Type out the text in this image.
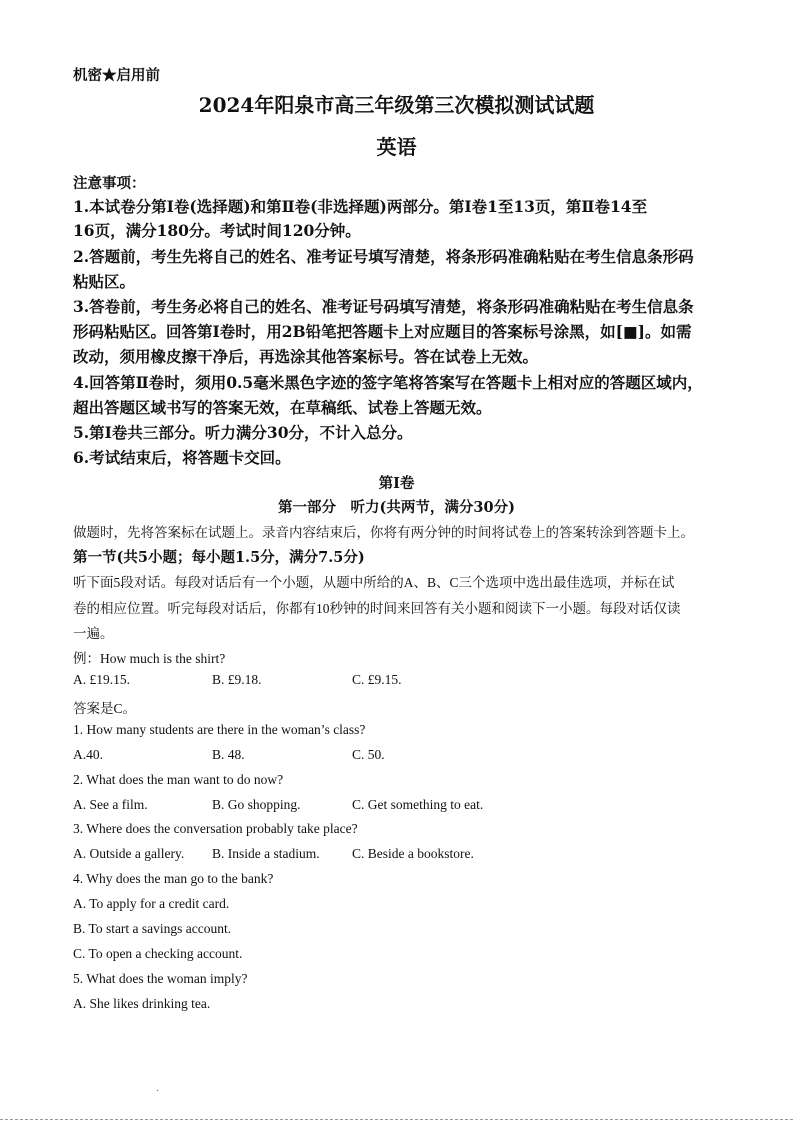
机密★启用前
2024年阳泉市高三年级第三次模拟测试试题
英语
注意事项：
1.本试卷分第Ⅰ卷(选择题)和第Ⅱ卷(非选择题)两部分。第Ⅰ卷1至13页，第Ⅱ卷14至
16页，满分180分。考试时间120分钟。
2.答题前，考生先将自己的姓名、准考证号填写清楚，将条形码准确粘贴在考生信息条形码
粘贴区。
3.答卷前，考生务必将自己的姓名、准考证号码填写清楚，将条形码准确粘贴在考生信息条
形码粘贴区。回答第Ⅰ卷时，用2B铅笔把答题卡上对应题目的答案标号涂黑，如[■]。如需
改动，须用橡皮擦干净后，再选涂其他答案标号。答在试卷上无效。
4.回答第Ⅱ卷时，须用0.5毫米黑色字迹的签字笔将答案写在答题卡上相对应的答题区域内，
超出答题区域书写的答案无效，在草稿纸、试卷上答题无效。
5.第Ⅰ卷共三部分。听力满分30分，不计入总分。
6.考试结束后，将答题卡交回。
第Ⅰ卷
第一部分　听力(共两节，满分30分)
做题时，先将答案标在试题上。录音内容结束后，你将有两分钟的时间将试卷上的答案转涂到答题卡上。
第一节(共5小题；每小题1.5分，满分7.5分)
听下面5段对话。每段对话后有一个小题，从题中所给的A、B、C三个选项中选出最佳选项，并标在试
卷的相应位置。听完每段对话后，你都有10秒钟的时间来回答有关小题和阅读下一小题。每段对话仅读
一遍。
例：How much is the shirt?
A. £19.15.	B. £9.18.	C. £9.15.
答案是C。
1. How many students are there in the woman’s class?
A.40.	B. 48.	C. 50.
2. What does the man want to do now?
A. See a film.	B. Go shopping.	C. Get something to eat.
3. Where does the conversation probably take place?
A. Outside a gallery. B. Inside a stadium. C. Beside a bookstore.
4. Why does the man go to the bank?
A. To apply for a credit card.
B. To start a savings account.
C. To open a checking account.
5. What does the woman imply?
A. She likes drinking tea.
.
